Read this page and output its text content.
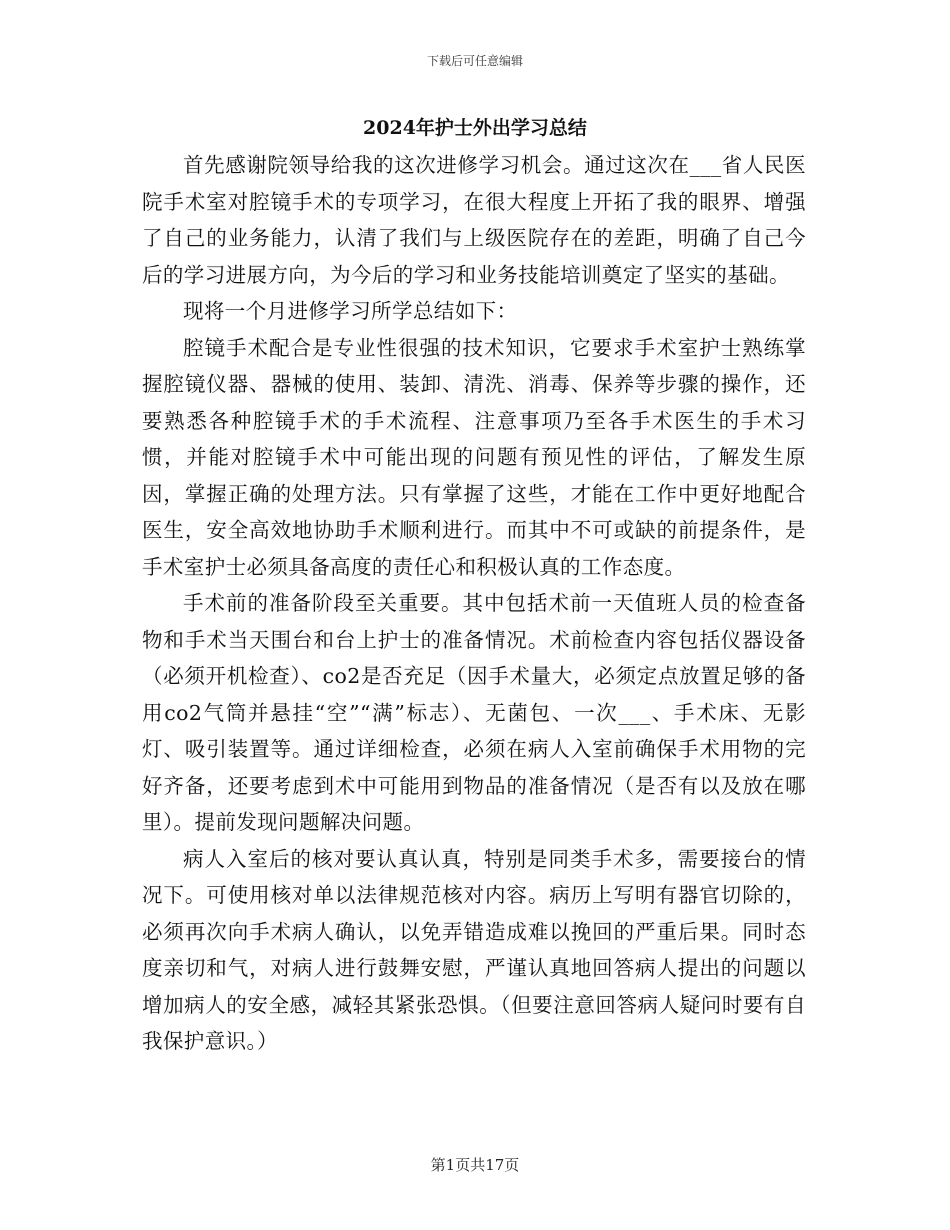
下载后可任意编辑
2024年护士外出学习总结

首先感谢院领导给我的这次进修学习机会。通过这次在___省人民医院手术室对腔镜手术的专项学习，在很大程度上开拓了我的眼界、增强了自己的业务能力，认清了我们与上级医院存在的差距，明确了自己今后的学习进展方向，为今后的学习和业务技能培训奠定了坚实的基础。

现将一个月进修学习所学总结如下：

腔镜手术配合是专业性很强的技术知识，它要求手术室护士熟练掌握腔镜仪器、器械的使用、装卸、清洗、消毒、保养等步骤的操作，还要熟悉各种腔镜手术的手术流程、注意事项乃至各手术医生的手术习惯，并能对腔镜手术中可能出现的问题有预见性的评估，了解发生原因，掌握正确的处理方法。只有掌握了这些，才能在工作中更好地配合医生，安全高效地协助手术顺利进行。而其中不可或缺的前提条件，是手术室护士必须具备高度的责任心和积极认真的工作态度。

手术前的准备阶段至关重要。其中包括术前一天值班人员的检查备物和手术当天围台和台上护士的准备情况。术前检查内容包括仪器设备（必须开机检查）、co2是否充足（因手术量大，必须定点放置足够的备用co2气筒并悬挂“空”“满”标志）、无菌包、一次___、手术床、无影灯、吸引装置等。通过详细检查，必须在病人入室前确保手术用物的完好齐备，还要考虑到术中可能用到物品的准备情况（是否有以及放在哪里）。提前发现问题解决问题。

病人入室后的核对要认真认真，特别是同类手术多，需要接台的情况下。可使用核对单以法律规范核对内容。病历上写明有器官切除的，必须再次向手术病人确认，以免弄错造成难以挽回的严重后果。同时态度亲切和气，对病人进行鼓舞安慰，严谨认真地回答病人提出的问题以增加病人的安全感，减轻其紧张恐惧。（但要注意回答病人疑问时要有自我保护意识。）

第1页共17页
